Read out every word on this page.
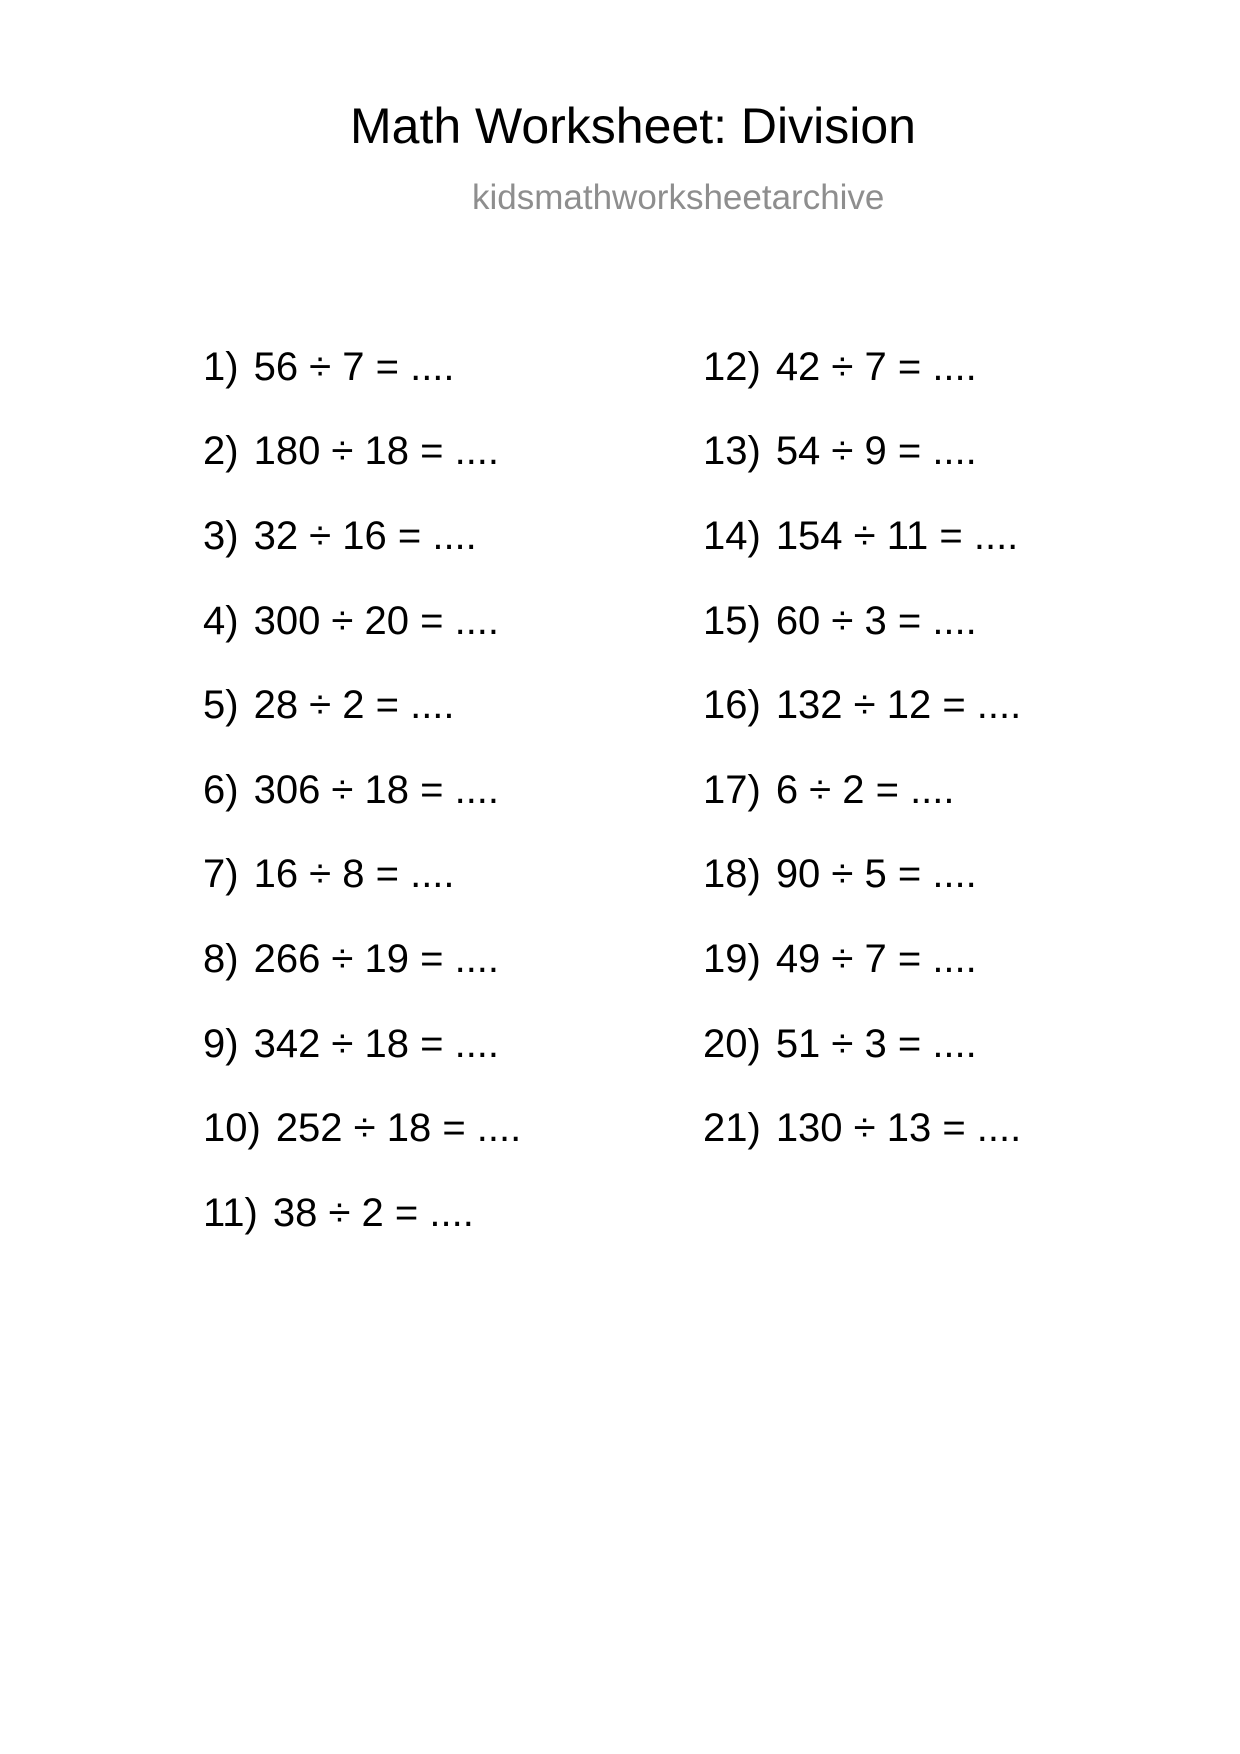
Math Worksheet: Division
kidsmathworksheetarchive
1) 56 ÷ 7 = ....
2) 180 ÷ 18 = ....
3) 32 ÷ 16 = ....
4) 300 ÷ 20 = ....
5) 28 ÷ 2 = ....
6) 306 ÷ 18 = ....
7) 16 ÷ 8 = ....
8) 266 ÷ 19 = ....
9) 342 ÷ 18 = ....
10) 252 ÷ 18 = ....
11) 38 ÷ 2 = ....
12) 42 ÷ 7 = ....
13) 54 ÷ 9 = ....
14) 154 ÷ 11 = ....
15) 60 ÷ 3 = ....
16) 132 ÷ 12 = ....
17) 6 ÷ 2 = ....
18) 90 ÷ 5 = ....
19) 49 ÷ 7 = ....
20) 51 ÷ 3 = ....
21) 130 ÷ 13 = ....
